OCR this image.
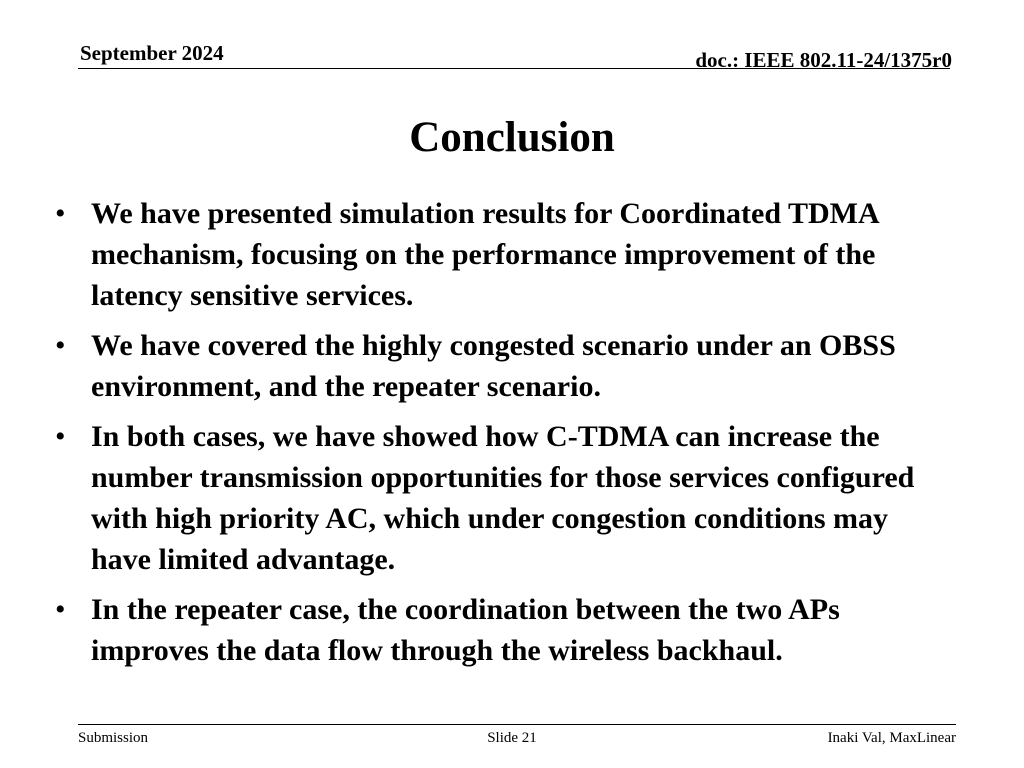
September 2024	doc.: IEEE 802.11-24/1375r0
Conclusion
• We have presented simulation results for Coordinated TDMA mechanism, focusing on the performance improvement of the latency sensitive services.
• We have covered the highly congested scenario under an OBSS environment, and the repeater scenario.
• In both cases, we have showed how C-TDMA can increase the number transmission opportunities for those services configured with high priority AC, which under congestion conditions may have limited advantage.
• In the repeater case, the coordination between the two APs improves the data flow through the wireless backhaul.
Submission	Slide 21	Inaki Val, MaxLinear
